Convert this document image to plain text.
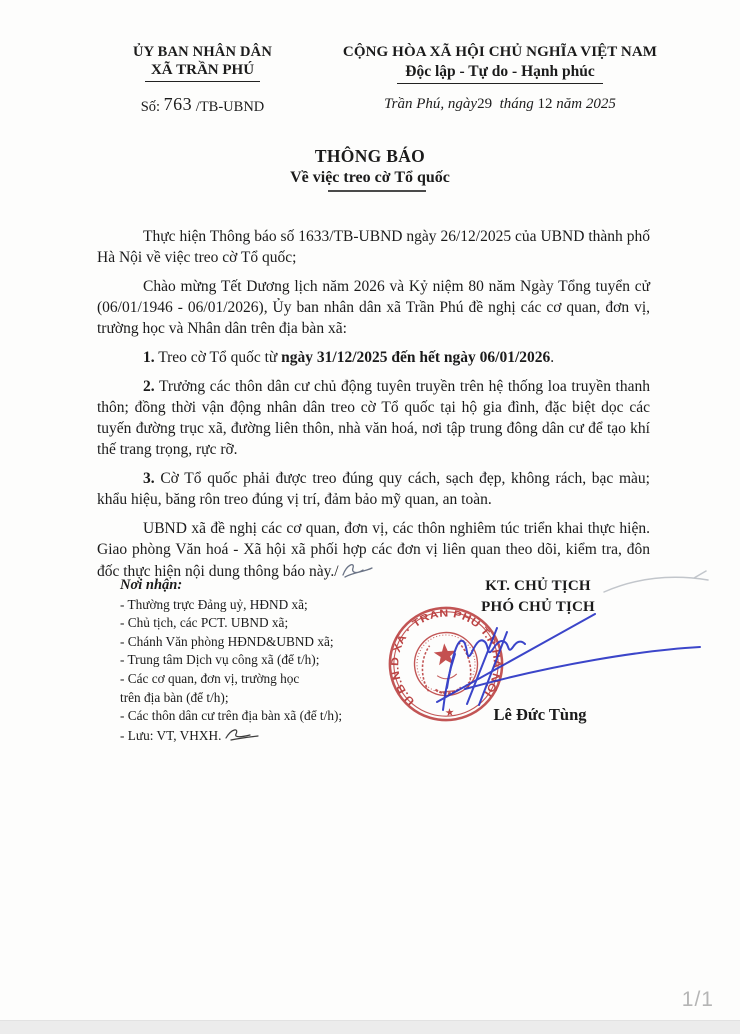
ỦY BAN NHÂN DÂN
XÃ TRẦN PHÚ
Số: 763 /TB-UBND
CỘNG HÒA XÃ HỘI CHỦ NGHĨA VIỆT NAM
Độc lập - Tự do - Hạnh phúc
Trần Phú, ngày29 tháng 12 năm 2025
THÔNG BÁO
Về việc treo cờ Tổ quốc

Thực hiện Thông báo số 1633/TB-UBND ngày 26/12/2025 của UBND thành phố Hà Nội về việc treo cờ Tổ quốc;

Chào mừng Tết Dương lịch năm 2026 và Kỷ niệm 80 năm Ngày Tổng tuyển cử (06/01/1946 - 06/01/2026), Ủy ban nhân dân xã Trần Phú đề nghị các cơ quan, đơn vị, trường học và Nhân dân trên địa bàn xã:

1. Treo cờ Tổ quốc từ ngày 31/12/2025 đến hết ngày 06/01/2026.

2. Trưởng các thôn dân cư chủ động tuyên truyền trên hệ thống loa truyền thanh thôn; đồng thời vận động nhân dân treo cờ Tổ quốc tại hộ gia đình, đặc biệt dọc các tuyến đường trục xã, đường liên thôn, nhà văn hoá, nơi tập trung đông dân cư để tạo khí thế trang trọng, rực rỡ.

3. Cờ Tổ quốc phải được treo đúng quy cách, sạch đẹp, không rách, bạc màu; khẩu hiệu, băng rôn treo đúng vị trí, đảm bảo mỹ quan, an toàn.

UBND xã đề nghị các cơ quan, đơn vị, các thôn nghiêm túc triển khai thực hiện. Giao phòng Văn hoá - Xã hội xã phối hợp các đơn vị liên quan theo dõi, kiểm tra, đôn đốc thực hiện nội dung thông báo này./

Nơi nhận:
- Thường trực Đảng uỷ, HĐND xã;
- Chủ tịch, các PCT. UBND xã;
- Chánh Văn phòng HĐND&UBND xã;
- Trung tâm Dịch vụ công xã (để t/h);
- Các cơ quan, đơn vị, trường học
trên địa bàn (để t/h);
- Các thôn dân cư trên địa bàn xã (để t/h);
- Lưu: VT, VHXH.
KT. CHỦ TỊCH
PHÓ CHỦ TỊCH
U.B.N.D XÃ · TRẦN PHÚ T.P HÀ NỘI
★	Lê Đức Tùng
1/1
